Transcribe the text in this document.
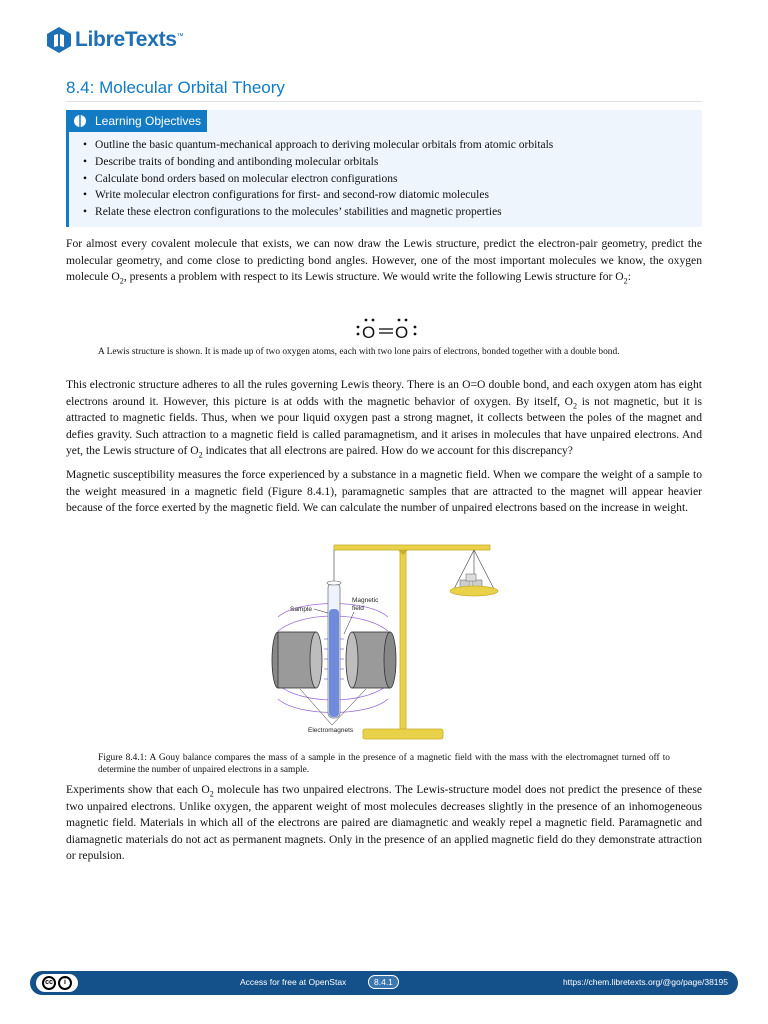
LibreTexts™
8.4: Molecular Orbital Theory
Learning Objectives
• Outline the basic quantum-mechanical approach to deriving molecular orbitals from atomic orbitals
• Describe traits of bonding and antibonding molecular orbitals
• Calculate bond orders based on molecular electron configurations
• Write molecular electron configurations for first- and second-row diatomic molecules
• Relate these electron configurations to the molecules’ stabilities and magnetic properties

For almost every covalent molecule that exists, we can now draw the Lewis structure, predict the electron-pair geometry, predict the molecular geometry, and come close to predicting bond angles. However, one of the most important molecules we know, the oxygen molecule $O_2$, presents a problem with respect to its Lewis structure. We would write the following Lewis structure for $O_2$:

O O

A Lewis structure is shown. It is made up of two oxygen atoms, each with two lone pairs of electrons, bonded together with a double bond.

This electronic structure adheres to all the rules governing Lewis theory. There is an O=O double bond, and each oxygen atom has eight electrons around it. However, this picture is at odds with the magnetic behavior of oxygen. By itself, $O_2$ is not magnetic, but it is attracted to magnetic fields. Thus, when we pour liquid oxygen past a strong magnet, it collects between the poles of the magnet and defies gravity. Such attraction to a magnetic field is called paramagnetism, and it arises in molecules that have unpaired electrons. And yet, the Lewis structure of $O_2$ indicates that all electrons are paired. How do we account for this discrepancy?

Magnetic susceptibility measures the force experienced by a substance in a magnetic field. When we compare the weight of a sample to the weight measured in a magnetic field (Figure 8.4.1), paramagnetic samples that are attracted to the magnet will appear heavier because of the force exerted by the magnetic field. We can calculate the number of unpaired electrons based on the increase in weight.

Sample
Magnetic
field
Electromagnets

Figure 8.4.1: A Gouy balance compares the mass of a sample in the presence of a magnetic field with the mass with the electromagnet turned off to determine the number of unpaired electrons in a sample.

Experiments show that each $O_2$ molecule has two unpaired electrons. The Lewis-structure model does not predict the presence of these two unpaired electrons. Unlike oxygen, the apparent weight of most molecules decreases slightly in the presence of an inhomogeneous magnetic field. Materials in which all of the electrons are paired are diamagnetic and weakly repel a magnetic field. Paramagnetic and diamagnetic materials do not act as permanent magnets. Only in the presence of an applied magnetic field do they demonstrate attraction or repulsion.

cc	i	Access for free at OpenStax	8.4.1	https://chem.libretexts.org/@go/page/38195
